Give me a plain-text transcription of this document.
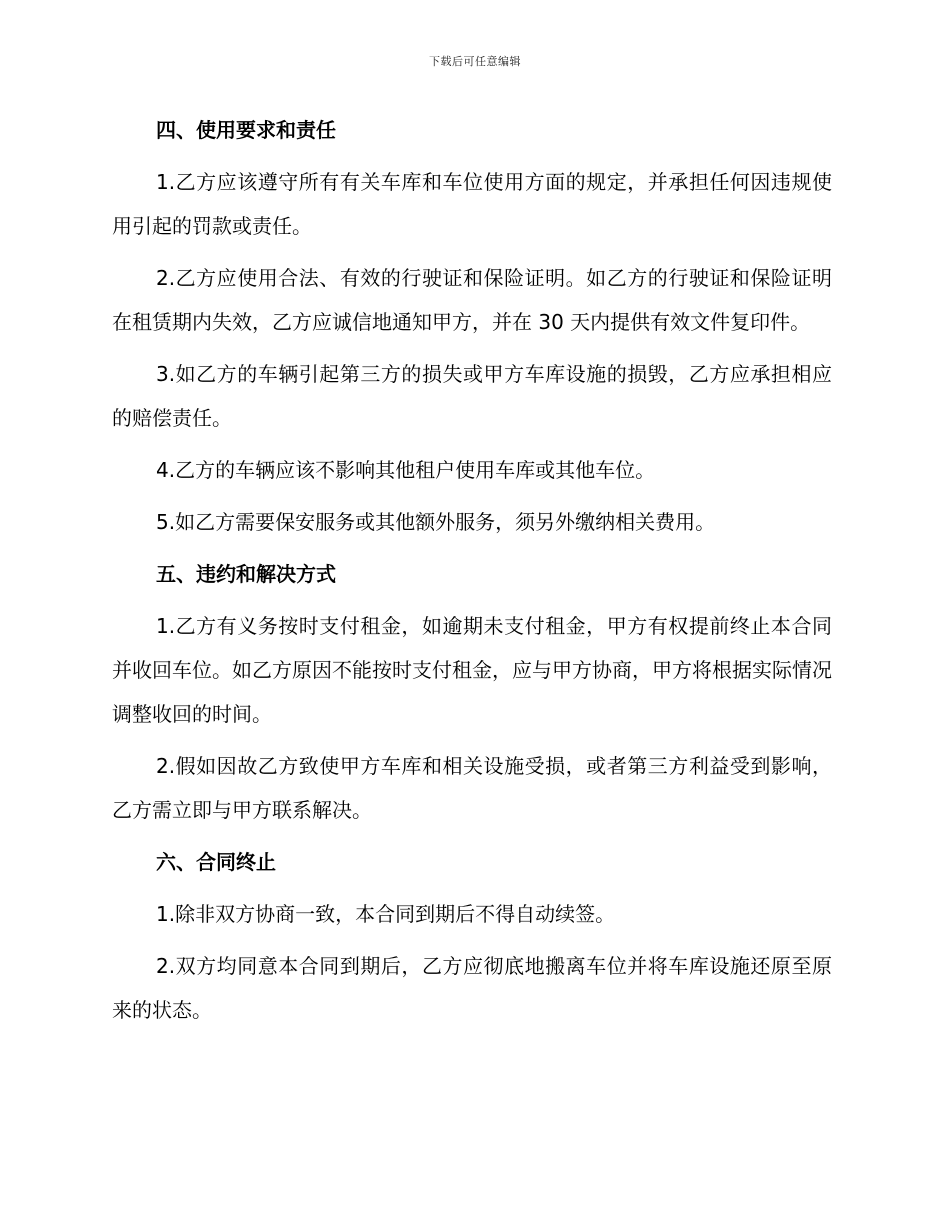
下载后可任意编辑
四、使用要求和责任

1.乙方应该遵守所有有关车库和车位使用方面的规定，并承担任何因违规使用引起的罚款或责任。

2.乙方应使用合法、有效的行驶证和保险证明。如乙方的行驶证和保险证明在租赁期内失效，乙方应诚信地通知甲方，并在 30 天内提供有效文件复印件。

3.如乙方的车辆引起第三方的损失或甲方车库设施的损毁，乙方应承担相应的赔偿责任。

4.乙方的车辆应该不影响其他租户使用车库或其他车位。

5.如乙方需要保安服务或其他额外服务，须另外缴纳相关费用。

五、违约和解决方式

1.乙方有义务按时支付租金，如逾期未支付租金，甲方有权提前终止本合同并收回车位。如乙方原因不能按时支付租金，应与甲方协商，甲方将根据实际情况调整收回的时间。

2.假如因故乙方致使甲方车库和相关设施受损，或者第三方利益受到影响，乙方需立即与甲方联系解决。

六、合同终止

1.除非双方协商一致，本合同到期后不得自动续签。

2.双方均同意本合同到期后，乙方应彻底地搬离车位并将车库设施还原至原来的状态。
